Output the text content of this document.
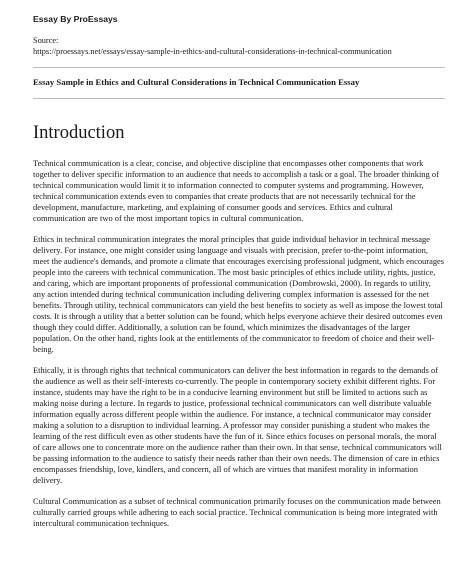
Essay By ProEssays
Source:
https://proessays.net/essays/essay-sample-in-ethics-and-cultural-considerations-in-technical-communication
Essay Sample in Ethics and Cultural Considerations in Technical Communication Essay
Introduction

Technical communication is a clear, concise, and objective discipline that encompasses other components that work together to deliver specific information to an audience that needs to accomplish a task or a goal. The broader thinking of technical communication would limit it to information connected to computer systems and programming. However, technical communication extends even to companies that create products that are not necessarily technical for the development, manufacture, marketing, and explaining of consumer goods and services. Ethics and cultural communication are two of the most important topics in cultural communication.

Ethics in technical communication integrates the moral principles that guide individual behavior in technical message delivery. For instance, one might consider using language and visuals with precision, prefer to-the-point information, meet the audience's demands, and promote a climate that encourages exercising professional judgment, which encourages people into the careers with technical communication. The most basic principles of ethics include utility, rights, justice, and caring, which are important proponents of professional communication (Dombrowski, 2000). In regards to utility, any action intended during technical communication including delivering complex information is assessed for the net benefits. Through utility, technical communicators can yield the best benefits to society as well as impose the lowest total costs. It is through a utility that a better solution can be found, which helps everyone achieve their desired outcomes even though they could differ. Additionally, a solution can be found, which minimizes the disadvantages of the larger population. On the other hand, rights look at the entitlements of the communicator to freedom of choice and their well-being.

Ethically, it is through rights that technical communicators can deliver the best information in regards to the demands of the audience as well as their self-interests co-currently. The people in contemporary society exhibit different rights. For instance, students may have the right to be in a conducive learning environment but still be limited to actions such as making noise during a lecture. In regards to justice, professional technical communicators can well distribute valuable information equally across different people within the audience. For instance, a technical communicator may consider making a solution to a disruption to individual learning. A professor may consider punishing a student who makes the learning of the rest difficult even as other students have the fun of it. Since ethics focuses on personal morals, the moral of care allows one to concentrate more on the audience rather than their own. In that sense, technical communicators will be passing information to the audience to satisfy their needs rather than their own needs. The dimension of care in ethics encompasses friendship, love, kindlers, and concern, all of which are virtues that manifest morality in information delivery.

Cultural Communication as a subset of technical communication primarily focuses on the communication made between culturally carried groups while adhering to each social practice. Technical communication is being more integrated with intercultural communication techniques.
